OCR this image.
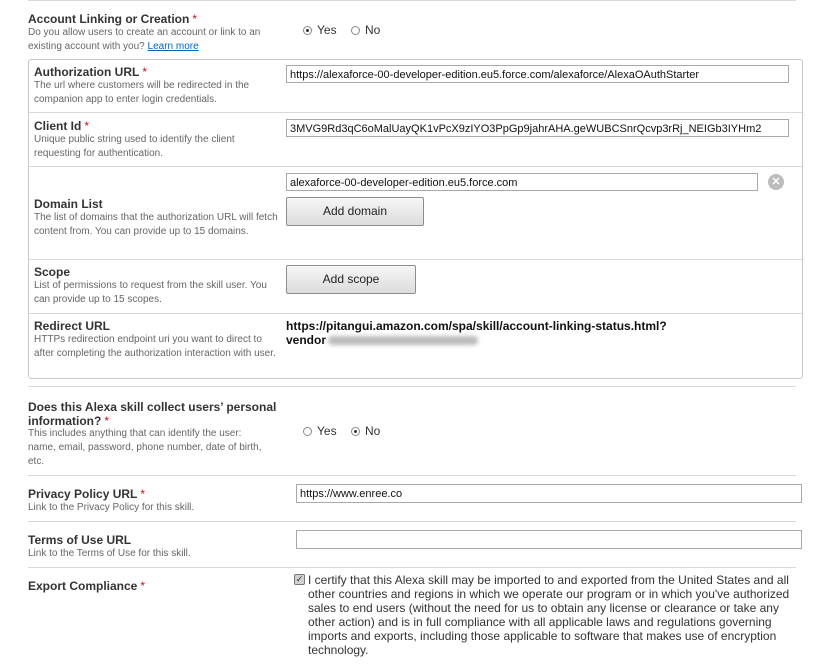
Account Linking or Creation *
Do you allow users to create an account or link to an existing account with you? Learn more
Yes No
Authorization URL *
The url where customers will be redirected in the companion app to enter login credentials.
https://alexaforce-00-developer-edition.eu5.force.com/alexaforce/AlexaOAuthStarter
Client Id *
Unique public string used to identify the client requesting for authentication.
3MVG9Rd3qC6oMalUayQK1vPcX9zIYO3PpGp9jahrAHA.geWUBCSnrQcvp3rRj_NEIGb3IYHm2
alexaforce-00-developer-edition.eu5.force.com	✕
Domain List
The list of domains that the authorization URL will fetch content from. You can provide up to 15 domains.
Add domain
Scope
List of permissions to request from the skill user. You can provide up to 15 scopes.
Add scope
Redirect URL
HTTPs redirection endpoint uri you want to direct to after completing the authorization interaction with user.
https://pitangui.amazon.com/spa/skill/account-linking-status.html?
vendor
Does this Alexa skill collect users’ personal
information? *
This includes anything that can identify the user: name, email, password, phone number, date of birth, etc.
Yes No
Privacy Policy URL *
Link to the Privacy Policy for this skill.
https://www.enree.co
Terms of Use URL
Link to the Terms of Use for this skill.
Export Compliance *	✓ I certify that this Alexa skill may be imported to and exported from the United States and all
other countries and regions in which we operate our program or in which you've authorized
sales to end users (without the need for us to obtain any license or clearance or take any
other action) and is in full compliance with all applicable laws and regulations governing
imports and exports, including those applicable to software that makes use of encryption
technology.
